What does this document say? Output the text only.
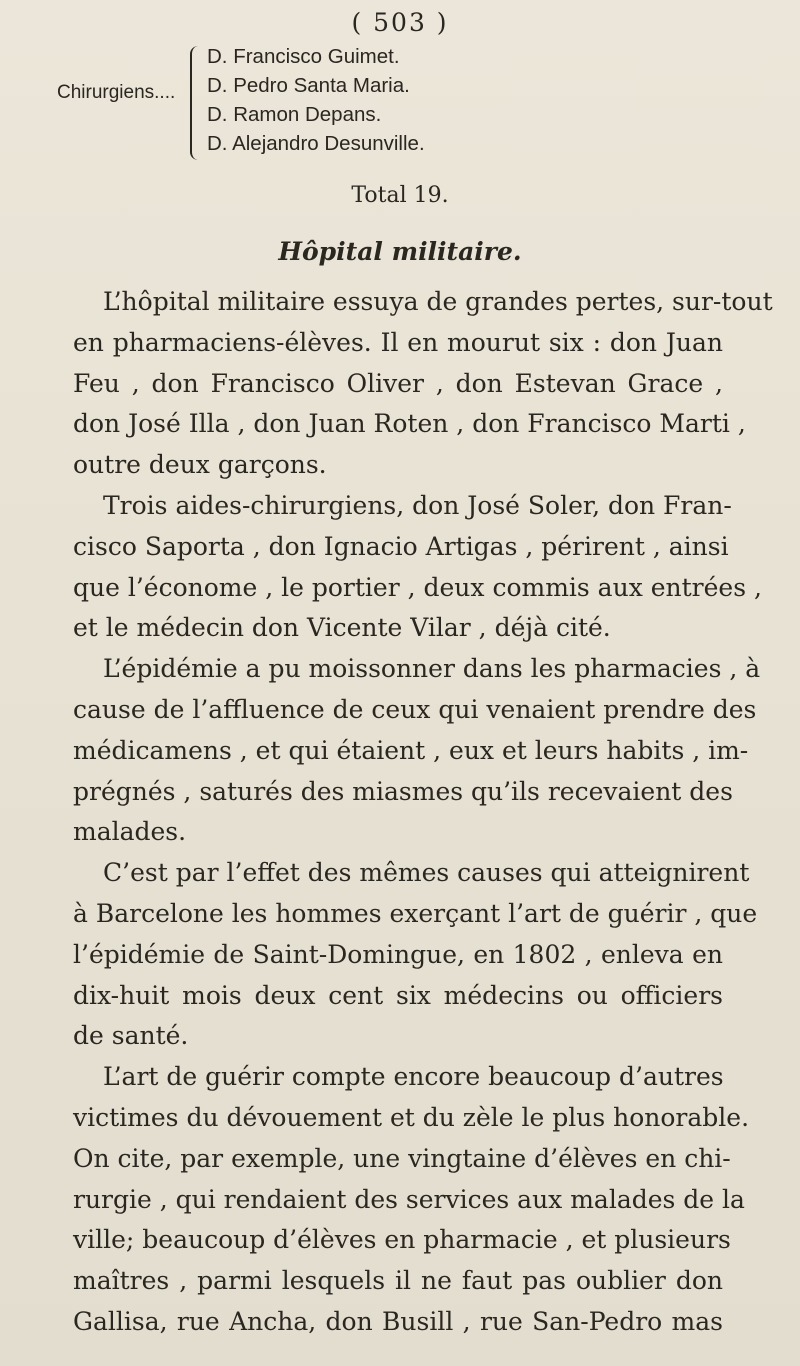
( 503 )
Chirurgiens....
D. Francisco Guimet.
D. Pedro Santa Maria.
D. Ramon Depans.
D. Alejandro Desunville.
Total 19.
Hôpital militaire.
L’hôpital militaire essuya de grandes pertes, sur-tout
en pharmaciens-élèves. Il en mourut six : don Juan
Feu , don Francisco Oliver , don Estevan Grace ,
don José Illa , don Juan Roten , don Francisco Marti ,
outre deux garçons.
Trois aides-chirurgiens, don José Soler, don Fran-
cisco Saporta , don Ignacio Artigas , périrent , ainsi
que l’économe , le portier , deux commis aux entrées ,
et le médecin don Vicente Vilar , déjà cité.
L’épidémie a pu moissonner dans les pharmacies , à
cause de l’affluence de ceux qui venaient prendre des
médicamens , et qui étaient , eux et leurs habits , im-
prégnés , saturés des miasmes qu’ils recevaient des
malades.
C’est par l’effet des mêmes causes qui atteignirent
à Barcelone les hommes exerçant l’art de guérir , que
l’épidémie de Saint-Domingue, en 1802 , enleva en
dix-huit mois deux cent six médecins ou officiers
de santé.
L’art de guérir compte encore beaucoup d’autres
victimes du dévouement et du zèle le plus honorable.
On cite, par exemple, une vingtaine d’élèves en chi-
rurgie , qui rendaient des services aux malades de la
ville; beaucoup d’élèves en pharmacie , et plusieurs
maîtres , parmi lesquels il ne faut pas oublier don
Gallisa, rue Ancha, don Busill , rue San-Pedro mas
